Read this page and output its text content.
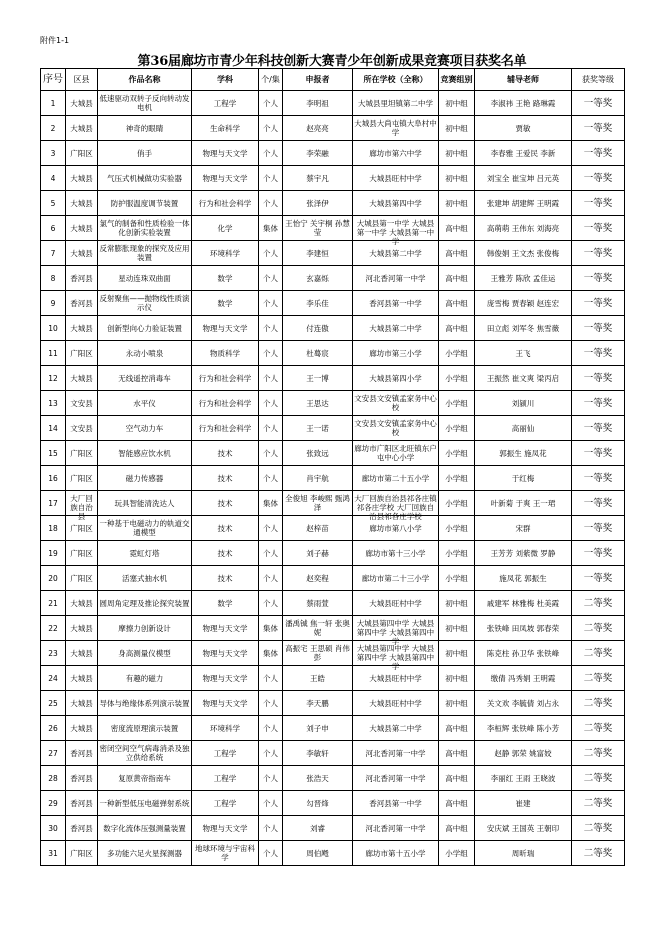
附件1-1
第36届廊坊市青少年科技创新大赛青少年创新成果竞赛项目获奖名单
序号	区县	作品名称	学科	个/集	申报者	所在学校（全称）	竞赛组别	辅导老师	获奖等级

1	大城县	低速驱动双转子反向转动发电机	工程学	个人	李明祖	大城县里坦镇第二中学	初中组	李淑祎 王艳 路琳霞	一等奖

2	大城县	神奇的眼睛	生命科学	个人	赵亮亮	大城县大尚屯镇大阜村中学	初中组	贾敏	一等奖

3	广阳区	俏手	物理与天文学	个人	李荣融	廊坊市第六中学	初中组	李春雅 王爱民 李新	一等奖

4	大城县	气压式机械做功实验器	物理与天文学	个人	蔡宇凡	大城县旺村中学	初中组	刘宝全 崔宝坤 吕元英	一等奖

5	大城县	防护服温度调节装置	行为和社会科学	个人	张泽伊	大城县第四中学	初中组	张建坤 胡建辉 王明霞	一等奖

6	大城县	氯气的制备和性质检验一体化创新实验装置	化学	集体	王怡宁 关宇桐 孙慧莹	大城县第一中学 大城县第一中学 大城县第一中学	高中组	高萌萌 王伟东 刘海亮	一等奖

7	大城县	反常膨胀现象的探究及应用装置	环境科学	个人	李建恒	大城县第二中学	高中组	韩俊娟 王文杰 张俊梅	一等奖

8	香河县	星动连珠双曲面	数学	个人	玄嘉烁	河北香河第一中学	高中组	王雅芳 陈欣 孟佳运	一等奖

9	香河县	反射聚焦——抛物线性质演示仪	数学	个人	李乐佳	香河县第一中学	高中组	庞雪梅 贾春颖 赵连宏	一等奖

10	大城县	创新型向心力验证装置	物理与天文学	个人	付连傲	大城县第二中学	高中组	田立彪 刘军冬 焦雪薇	一等奖

11	广阳区	永动小喷泉	物质科学	个人	杜蓦宸	廊坊市第三小学	小学组	王飞	一等奖

12	大城县	无线遥控消毒车	行为和社会科学	个人	王一博	大城县第四小学	小学组	王振然 崔文爽 梁丙启	一等奖

13	文安县	水平仪	行为和社会科学	个人	王思达	文安县文安镇孟家务中心校	小学组	刘颍川	一等奖

14	文安县	空气动力车	行为和社会科学	个人	王一诺	文安县文安镇孟家务中心校	小学组	高丽仙	一等奖

15	广阳区	智能感应饮水机	技术	个人	张致远	廊坊市广阳区北旺镇东户屯中心小学	小学组	郭振生 施凤花	一等奖

16	广阳区	磁力传感器	技术	个人	肖宇航	廊坊市第二十五小学	小学组	于红梅	一等奖

17	大厂回族自治县	玩具智能清洗达人	技术	集体	全俊旭 李峻熙 甄鸿泽	大厂回族自治县祁各庄镇祁各庄学校 大厂回族自治县祁各庄学校	小学组	叶新菊 于爽 王一珺	一等奖

18	广阳区	一种基于电磁动力的轨道交通模型	技术	个人	赵梓苗	廊坊市第八小学	小学组	宋群	一等奖

19	广阳区	霓虹灯塔	技术	个人	刘子赫	廊坊市第十三小学	小学组	王芳芳 刘紫微 罗静	一等奖

20	广阳区	活塞式抽水机	技术	个人	赵奕程	廊坊市第二十三小学	小学组	施凤花 郭振生	一等奖

21	大城县	圆周角定理及推论探究装置	数学	个人	蔡雨萱	大城县旺村中学	初中组	戚建军 林雅梅 杜美霞	二等奖

22	大城县	摩擦力创新设计	物理与天文学	集体	潘禹铖 焦一轩 张奥妮	大城县第四中学 大城县第四中学 大城县第四中学	初中组	张铁峰 田凤坡 郭春荣	二等奖

23	大城县	身高测量仪模型	物理与天文学	集体	高振宅 王思硕 肖伟彭	大城县第四中学 大城县第四中学 大城县第四中学	初中组	陈克柱 孙卫华 张铁峰	二等奖

24	大城县	有趣的磁力	物理与天文学	个人	王皓	大城县旺村中学	初中组	缴倩 冯秀娟 王明霞	二等奖

25	大城县	导体与绝缘体系列演示装置	物理与天文学	个人	李天鹏	大城县旺村中学	初中组	关文欢 李毓倩 刘占永	二等奖

26	大城县	密度流原理演示装置	环境科学	个人	刘子申	大城县第二中学	高中组	李桓辉 张铁峰 陈小芳	二等奖

27	香河县	密闭空间空气病毒消杀及独立供给系统	工程学	个人	李敏轩	河北香河第一中学	高中组	赵静 郭荣 姚富姣	二等奖

28	香河县	复原黄帝指南车	工程学	个人	张浩天	河北香河第一中学	高中组	李丽红 王雨 王晓波	二等奖

29	香河县	一种新型低压电磁弹射系统	工程学	个人	勾晋烽	香河县第一中学	高中组	崔建	二等奖

30	香河县	数字化流体压强测量装置	物理与天文学	个人	刘睿	河北香河第一中学	高中组	安庆斌 王国英 王朝印	二等奖

31	广阳区	多功能六足火星探测器	地球环境与宇宙科学	个人	周伯飏	廊坊市第十五小学	小学组	周昕瑞	二等奖
